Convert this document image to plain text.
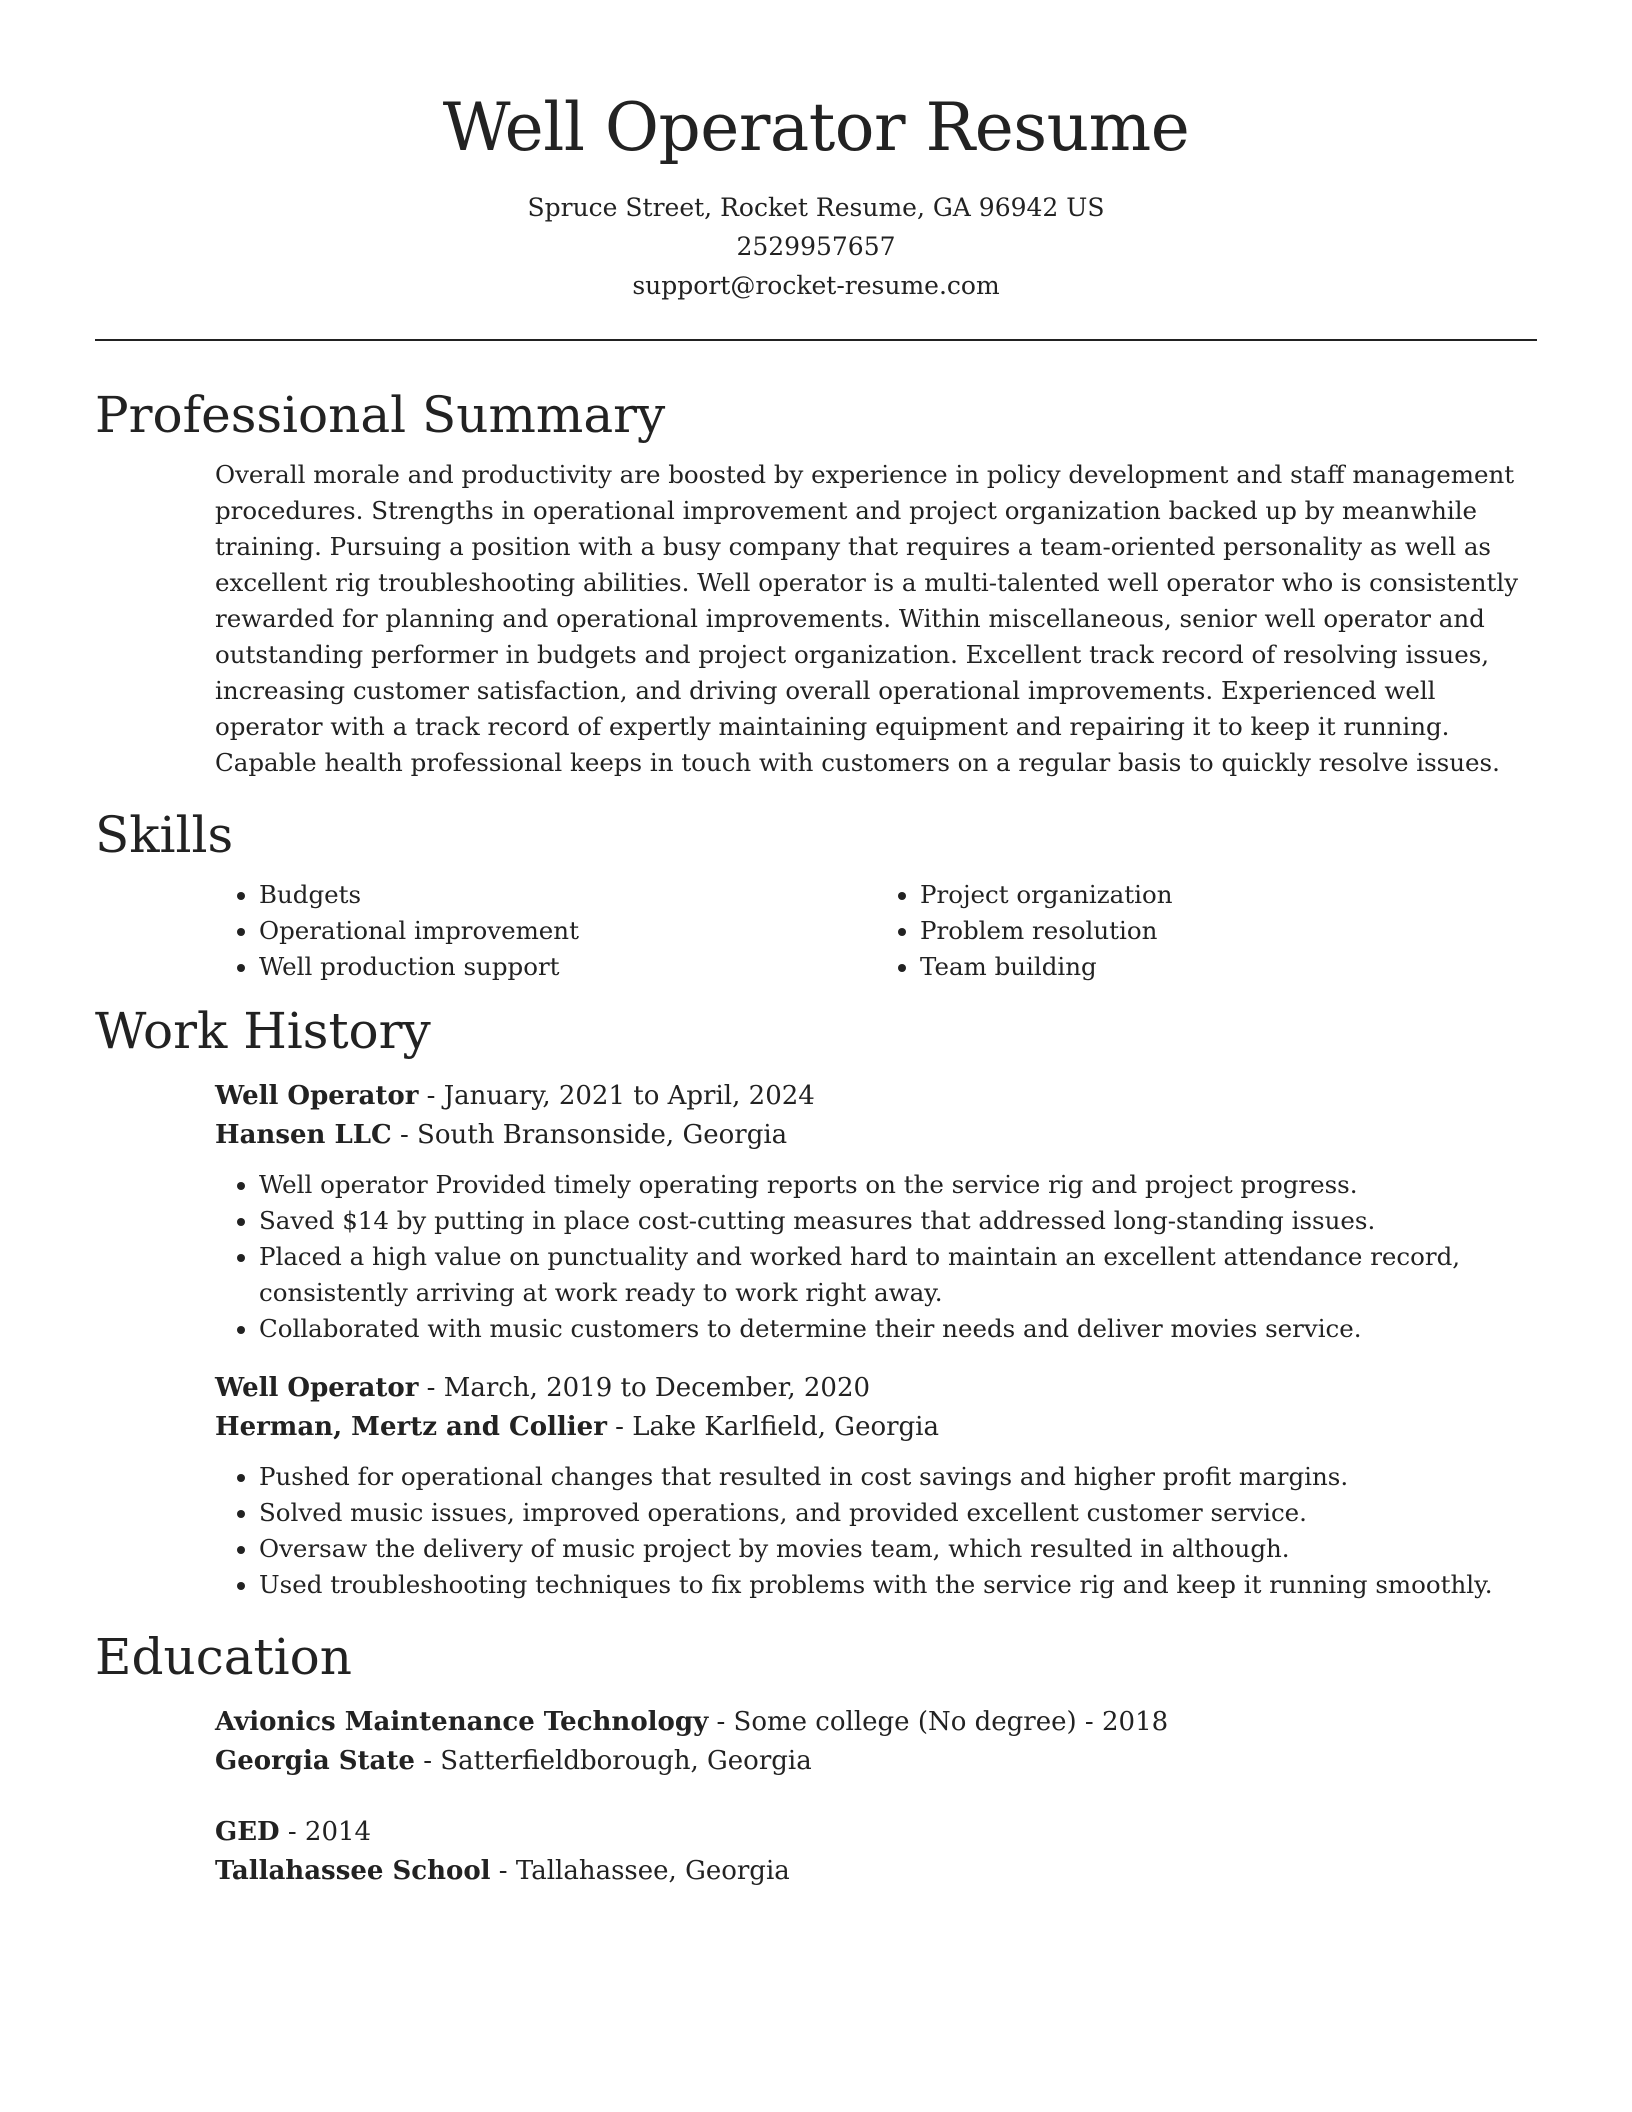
Well Operator Resume
Spruce Street, Rocket Resume, GA 96942 US
2529957657
support@rocket-resume.com
Professional Summary

Overall morale and productivity are boosted by experience in policy development and staff management procedures. Strengths in operational improvement and project organization backed up by meanwhile training. Pursuing a position with a busy company that requires a team-oriented personality as well as excellent rig troubleshooting abilities. Well operator is a multi-talented well operator who is consistently rewarded for planning and operational improvements. Within miscellaneous, senior well operator and outstanding performer in budgets and project organization. Excellent track record of resolving issues, increasing customer satisfaction, and driving overall operational improvements. Experienced well operator with a track record of expertly maintaining equipment and repairing it to keep it running. Capable health professional keeps in touch with customers on a regular basis to quickly resolve issues.

Skills
• Budgets
• Operational improvement
• Well production support
• Project organization
• Problem resolution
• Team building
Work History
Well Operator - January, 2021 to April, 2024
Hansen LLC - South Bransonside, Georgia
• Well operator Provided timely operating reports on the service rig and project progress.
• Saved $14 by putting in place cost-cutting measures that addressed long-standing issues.
• Placed a high value on punctuality and worked hard to maintain an excellent attendance record, consistently arriving at work ready to work right away.
• Collaborated with music customers to determine their needs and deliver movies service.
Well Operator - March, 2019 to December, 2020
Herman, Mertz and Collier - Lake Karlfield, Georgia
• Pushed for operational changes that resulted in cost savings and higher profit margins.
• Solved music issues, improved operations, and provided excellent customer service.
• Oversaw the delivery of music project by movies team, which resulted in although.
• Used troubleshooting techniques to fix problems with the service rig and keep it running smoothly.
Education
Avionics Maintenance Technology - Some college (No degree) - 2018
Georgia State - Satterfieldborough, Georgia
GED - 2014
Tallahassee School - Tallahassee, Georgia
